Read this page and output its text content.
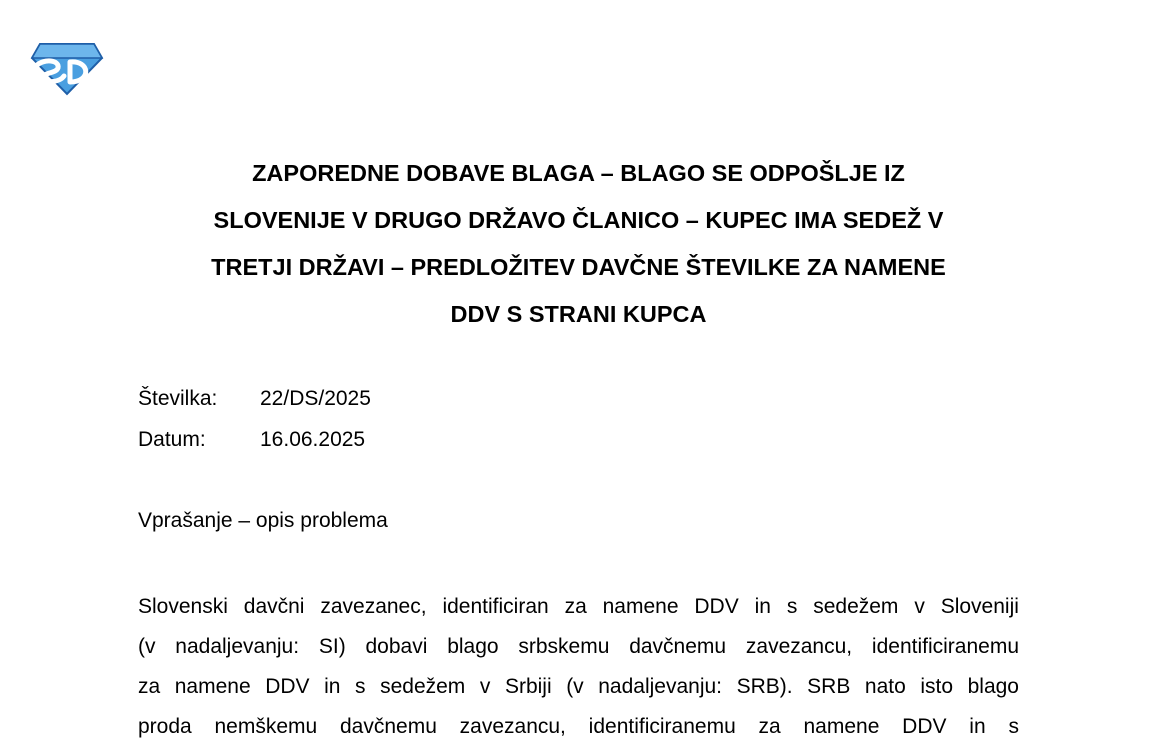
ZAPOREDNE DOBAVE BLAGA – BLAGO SE ODPOŠLJE IZ
SLOVENIJE V DRUGO DRŽAVO ČLANICO – KUPEC IMA SEDEŽ V
TRETJI DRŽAVI – PREDLOŽITEV DAVČNE ŠTEVILKE ZA NAMENE
DDV S STRANI KUPCA
Številka: 22/DS/2025
Datum:	16.06.2025
Vprašanje – opis problema
Slovenski davčni zavezanec, identificiran za namene DDV in s sedežem v Sloveniji
(v nadaljevanju: SI) dobavi blago srbskemu davčnemu zavezancu, identificiranemu
za namene DDV in s sedežem v Srbiji (v nadaljevanju: SRB). SRB nato isto blago
proda nemškemu davčnemu zavezancu, identificiranemu za namene DDV in s
